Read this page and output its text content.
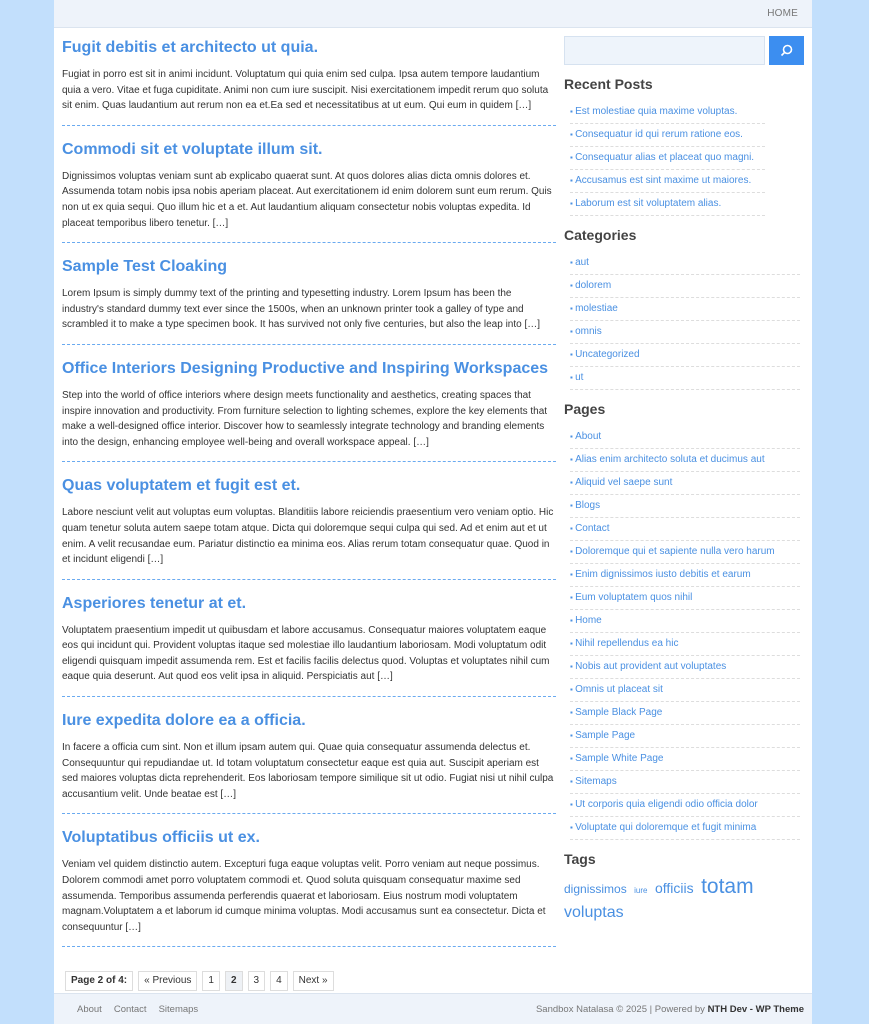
HOME
Fugit debitis et architecto ut quia.

Fugiat in porro est sit in animi incidunt. Voluptatum qui quia enim sed culpa. Ipsa autem tempore laudantium quia a vero. Vitae et fuga cupiditate. Animi non cum iure suscipit. Nisi exercitationem impedit rerum quo soluta sit enim. Quas laudantium aut rerum non ea et.Ea sed et necessitatibus at ut eum. Qui eum in quidem […]

Commodi sit et voluptate illum sit.

Dignissimos voluptas veniam sunt ab explicabo quaerat sunt. At quos dolores alias dicta omnis dolores et. Assumenda totam nobis ipsa nobis aperiam placeat. Aut exercitationem id enim dolorem sunt eum rerum. Quis non ut ex quia sequi. Quo illum hic et a et. Aut laudantium aliquam consectetur nobis voluptas expedita. Id placeat temporibus libero tenetur. […]

Sample Test Cloaking

Lorem Ipsum is simply dummy text of the printing and typesetting industry. Lorem Ipsum has been the industry's standard dummy text ever since the 1500s, when an unknown printer took a galley of type and scrambled it to make a type specimen book. It has survived not only five centuries, but also the leap into […]

Office Interiors Designing Productive and Inspiring Workspaces

Step into the world of office interiors where design meets functionality and aesthetics, creating spaces that inspire innovation and productivity. From furniture selection to lighting schemes, explore the key elements that make a well-designed office interior. Discover how to seamlessly integrate technology and branding elements into the design, enhancing employee well-being and overall workspace appeal. […]

Quas voluptatem et fugit est et.

Labore nesciunt velit aut voluptas eum voluptas. Blanditiis labore reiciendis praesentium vero veniam optio. Hic quam tenetur soluta autem saepe totam atque. Dicta qui doloremque sequi culpa qui sed. Ad et enim aut et ut enim. A velit recusandae eum. Pariatur distinctio ea minima eos. Alias rerum totam consequatur quae. Quod in et incidunt eligendi […]

Asperiores tenetur at et.

Voluptatem praesentium impedit ut quibusdam et labore accusamus. Consequatur maiores voluptatem eaque eos qui incidunt qui. Provident voluptas itaque sed molestiae illo laudantium laboriosam. Modi voluptatum odit eligendi quisquam impedit assumenda rem. Est et facilis facilis delectus quod. Voluptas et voluptates nihil cum eaque quia deserunt. Aut quod eos velit ipsa in aliquid. Perspiciatis aut […]

Iure expedita dolore ea a officia.

In facere a officia cum sint. Non et illum ipsam autem qui. Quae quia consequatur assumenda delectus et. Consequuntur qui repudiandae ut. Id totam voluptatum consectetur eaque est quia aut. Suscipit aperiam est sed maiores voluptas dicta reprehenderit. Eos laboriosam tempore similique sit ut odio. Fugiat nisi ut nihil culpa accusantium velit. Unde beatae est […]

Voluptatibus officiis ut ex.

Veniam vel quidem distinctio autem. Excepturi fuga eaque voluptas velit. Porro veniam aut neque possimus. Dolorem commodi amet porro voluptatem commodi et. Quod soluta quisquam consequatur maxime sed assumenda. Temporibus assumenda perferendis quaerat et laboriosam. Eius nostrum modi voluptatem magnam.Voluptatem a et laborum id cumque minima voluptas. Modi accusamus sunt ea consectetur. Dicta et consequuntur […]

Page 2 of 4:	« Previous	1	2	3	4	Next »
Recent Posts
▪ Est molestiae quia maxime voluptas.
▪ Consequatur id qui rerum ratione eos.
▪ Consequatur alias et placeat quo magni.
▪ Accusamus est sint maxime ut maiores.
▪ Laborum est sit voluptatem alias.
Categories
▪ aut
▪ dolorem
▪ molestiae
▪ omnis
▪ Uncategorized
▪ ut
Pages
▪ About
▪ Alias enim architecto soluta et ducimus aut
▪ Aliquid vel saepe sunt
▪ Blogs
▪ Contact
▪ Doloremque qui et sapiente nulla vero harum
▪ Enim dignissimos iusto debitis et earum
▪ Eum voluptatem quos nihil
▪ Home
▪ Nihil repellendus ea hic
▪ Nobis aut provident aut voluptates
▪ Omnis ut placeat sit
▪ Sample Black Page
▪ Sample Page
▪ Sample White Page
▪ Sitemaps
▪ Ut corporis quia eligendi odio officia dolor
▪ Voluptate qui doloremque et fugit minima
Tags
dignissimos iure officiis totam voluptas
About Contact Sitemaps	Sandbox Natalasa © 2025 | Powered by NTH Dev - WP Theme
